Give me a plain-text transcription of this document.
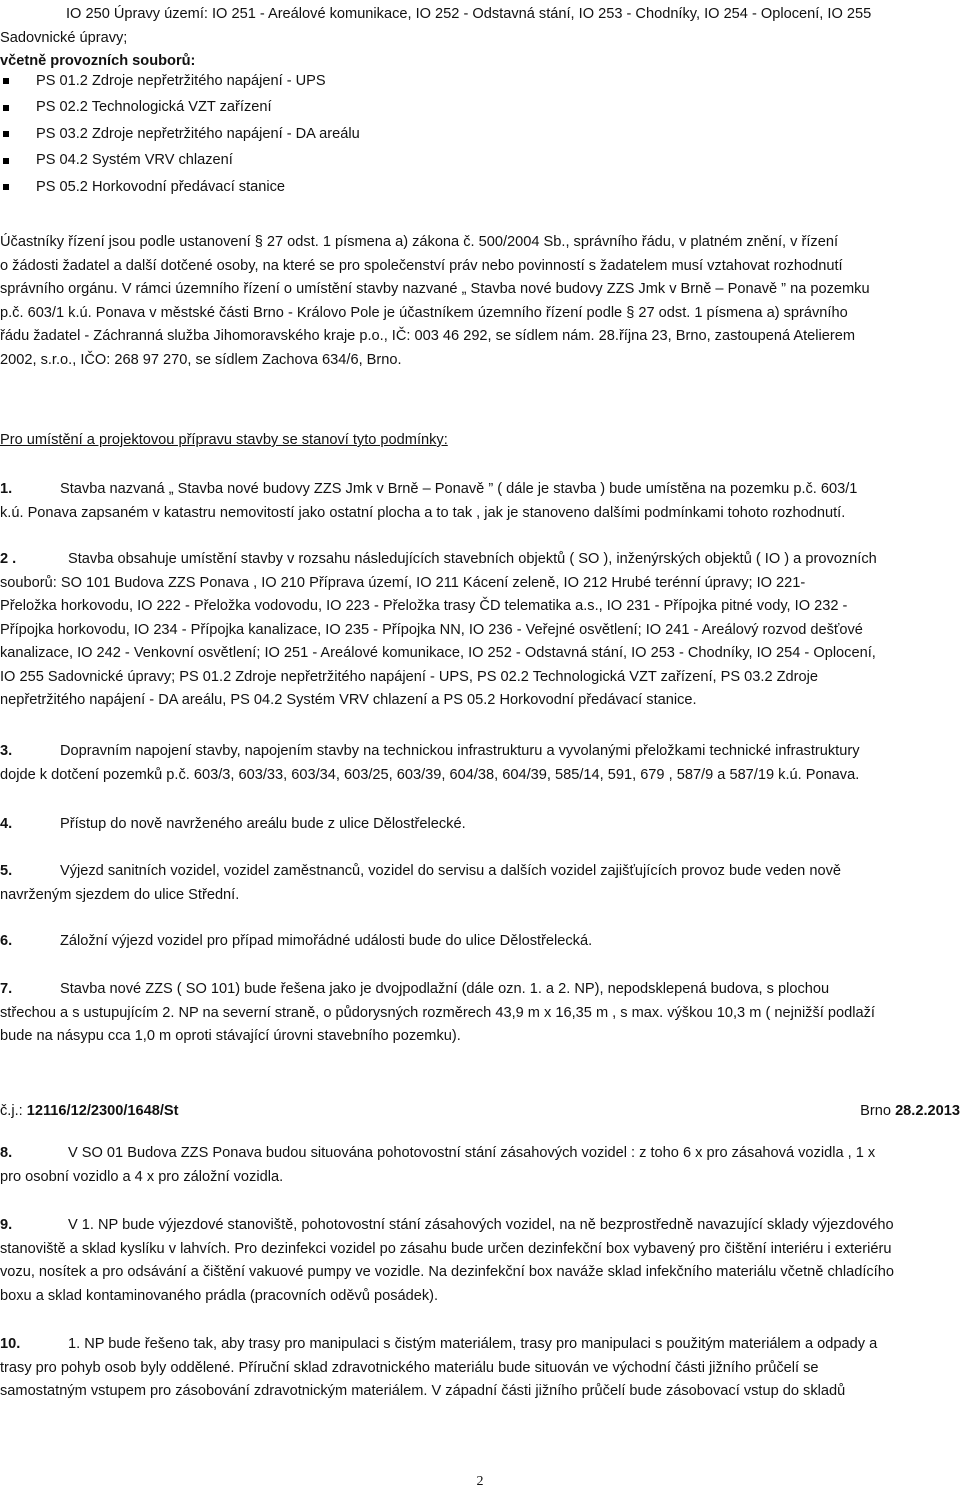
IO 250 Úpravy území: IO 251 - Areálové komunikace, IO 252 - Odstavná stání, IO 253 - Chodníky, IO 254 - Oplocení, IO 255
Sadovnické úpravy;
včetně provozních souborů:
PS 01.2 Zdroje nepřetržitého napájení - UPS
PS 02.2 Technologická VZT zařízení
PS 03.2 Zdroje nepřetržitého napájení - DA areálu
PS 04.2 Systém VRV chlazení
PS 05.2 Horkovodní předávací stanice
Účastníky řízení jsou podle ustanovení § 27 odst. 1 písmena a) zákona č. 500/2004 Sb., správního řádu, v platném znění, v řízení
o žádosti žadatel a další dotčené osoby, na které se pro společenství práv nebo povinností s žadatelem musí vztahovat rozhodnutí
správního orgánu. V rámci územního řízení o umístění stavby nazvané „ Stavba nové budovy ZZS Jmk v Brně – Ponavě ” na pozemku
p.č. 603/1 k.ú. Ponava v městské části Brno - Královo Pole je účastníkem územního řízení podle § 27 odst. 1 písmena a) správního
řádu žadatel - Záchranná služba Jihomoravského kraje p.o., IČ: 003 46 292, se sídlem nám. 28.října 23, Brno, zastoupená Atelierem
2002, s.r.o., IČO: 268 97 270, se sídlem Zachova 634/6, Brno.
Pro umístění a projektovou přípravu stavby se stanoví tyto podmínky:
1.	Stavba nazvaná „ Stavba nové budovy ZZS Jmk v Brně – Ponavě ” ( dále je stavba ) bude umístěna na pozemku p.č. 603/1
k.ú. Ponava zapsaném v katastru nemovitostí jako ostatní plocha a to tak , jak je stanoveno dalšími podmínkami tohoto rozhodnutí.
2 .	Stavba obsahuje umístění stavby v rozsahu následujících stavebních objektů ( SO ), inženýrských objektů ( IO ) a provozních
souborů: SO 101 Budova ZZS Ponava , IO 210 Příprava území, IO 211 Kácení zeleně, IO 212 Hrubé terénní úpravy; IO 221-
Přeložka horkovodu, IO 222 - Přeložka vodovodu, IO 223 - Přeložka trasy ČD telematika a.s., IO 231 - Přípojka pitné vody, IO 232 -
Přípojka horkovodu, IO 234 - Přípojka kanalizace, IO 235 - Přípojka NN, IO 236 - Veřejné osvětlení; IO 241 - Areálový rozvod dešťové
kanalizace, IO 242 - Venkovní osvětlení; IO 251 - Areálové komunikace, IO 252 - Odstavná stání, IO 253 - Chodníky, IO 254 - Oplocení,
IO 255 Sadovnické úpravy; PS 01.2 Zdroje nepřetržitého napájení - UPS, PS 02.2 Technologická VZT zařízení, PS 03.2 Zdroje
nepřetržitého napájení - DA areálu, PS 04.2 Systém VRV chlazení a PS 05.2 Horkovodní předávací stanice.
3.	Dopravním napojení stavby, napojením stavby na technickou infrastrukturu a vyvolanými přeložkami technické infrastruktury
dojde k dotčení pozemků p.č. 603/3, 603/33, 603/34, 603/25, 603/39, 604/38, 604/39, 585/14, 591, 679 , 587/9 a 587/19 k.ú. Ponava.
4.	Přístup do nově navrženého areálu bude z ulice Dělostřelecké.
5.	Výjezd sanitních vozidel, vozidel zaměstnanců, vozidel do servisu a dalších vozidel zajišťujících provoz bude veden nově
navrženým sjezdem do ulice Střední.
6.	Záložní výjezd vozidel pro případ mimořádné události bude do ulice Dělostřelecká.
7.	Stavba nové ZZS ( SO 101) bude řešena jako je dvojpodlažní (dále ozn. 1. a 2. NP), nepodsklepená budova, s plochou
střechou a s ustupujícím 2. NP na severní straně, o půdorysných rozměrech 43,9 m x 16,35 m , s max. výškou 10,3 m ( nejnižší podlaží
bude na násypu cca 1,0 m oproti stávající úrovni stavebního pozemku).
č.j.: 12116/12/2300/1648/St	Brno 28.2.2013
8.	V SO 01 Budova ZZS Ponava budou situována pohotovostní stání zásahových vozidel : z toho 6 x pro zásahová vozidla , 1 x
pro osobní vozidlo a 4 x pro záložní vozidla.
9.	V 1. NP bude výjezdové stanoviště, pohotovostní stání zásahových vozidel, na ně bezprostředně navazující sklady výjezdového
stanoviště a sklad kyslíku v lahvích. Pro dezinfekci vozidel po zásahu bude určen dezinfekční box vybavený pro čištění interiéru i exteriéru
vozu, nosítek a pro odsávání a čištění vakuové pumpy ve vozidle. Na dezinfekční box naváže sklad infekčního materiálu včetně chladícího
boxu a sklad kontaminovaného prádla (pracovních oděvů posádek).
10.	1. NP bude řešeno tak, aby trasy pro manipulaci s čistým materiálem, trasy pro manipulaci s použitým materiálem a odpady a
trasy pro pohyb osob byly oddělené. Příruční sklad zdravotnického materiálu bude situován ve východní části jižního průčelí se
samostatným vstupem pro zásobování zdravotnickým materiálem. V západní části jižního průčelí bude zásobovací vstup do skladů
2
